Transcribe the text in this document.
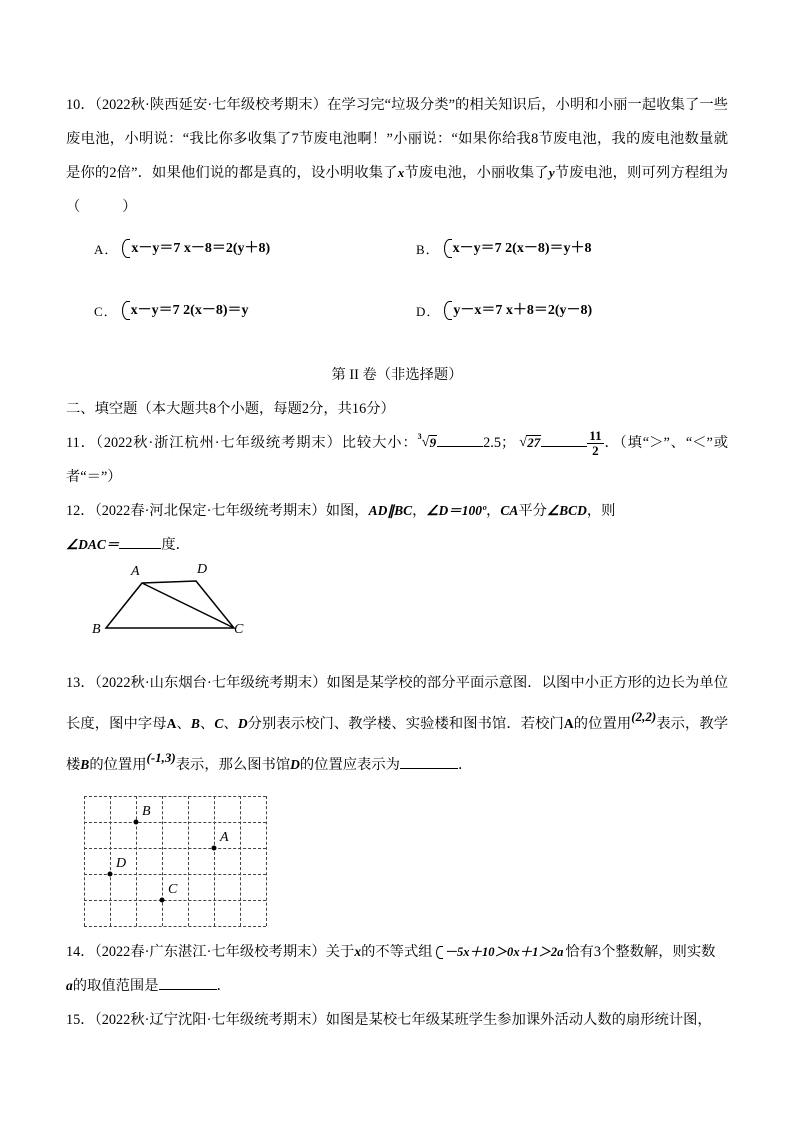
10．（2022秋·陕西延安·七年级校考期末）在学习完“垃圾分类”的相关知识后，小明和小丽一起收集了一些废电池，小明说：“我比你多收集了7节废电池啊！”小丽说：“如果你给我8节废电池，我的废电池数量就是你的2倍”．如果他们说的都是真的，设小明收集了x节废电池，小丽收集了y节废电池，则可列方程组为（	）

A． x－y＝7 x－8＝2(y＋8)	B． x－y＝7 2(x－8)＝y＋8
C． x－y＝7 2(x－8)＝y	D． y－x＝7 x＋8＝2(y－8)

第 II 卷（非选择题）

二、填空题（本大题共8个小题，每题2分，共16分）

11．（2022秋·浙江杭州·七年级统考期末）比较大小： 3 √ 9	2.5； √ 27	$\frac{11}{2}$ ．（填“＞”、“＜”或者“＝”）

12．（2022春·河北保定·七年级统考期末）如图，AD∥BC，∠D＝100º，CA平分∠BCD，则
∠DAC＝	度．

A	D
B	C

13．（2022秋·山东烟台·七年级统考期末）如图是某学校的部分平面示意图．以图中小正方形的边长为单位长度，图中字母A、B、C、D分别表示校门、教学楼、实验楼和图书馆．若校门A的位置用(2,2)表示，教学楼B的位置用(-1,3)表示，那么图书馆D的位置应表示为	．

B
A
D
C

14．（2022春·广东湛江·七年级校考期末）关于x的不等式组 －5x＋10＞0x＋1＞2a 恰有3个整数解，则实数
a的取值范围是	．

15．（2022秋·辽宁沈阳·七年级统考期末）如图是某校七年级某班学生参加课外活动人数的扇形统计图，
